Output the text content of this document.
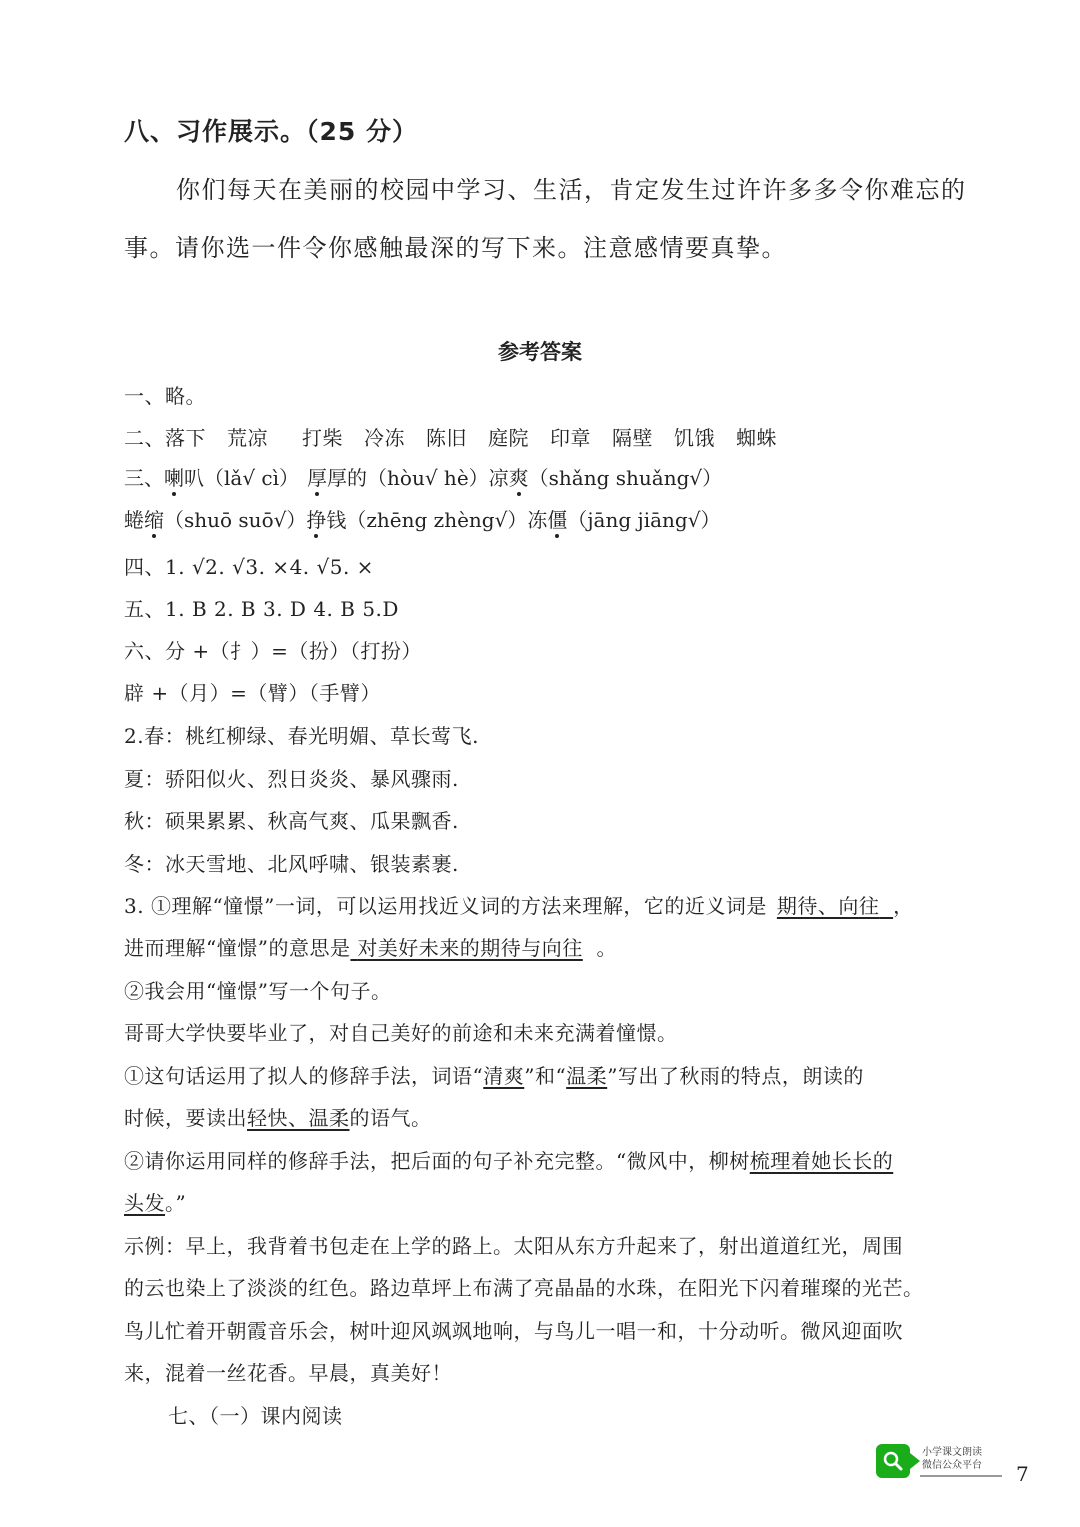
八、习作展示。（25 分）
你们每天在美丽的校园中学习、生活，肯定发生过许许多多令你难忘的
事。请你选一件令你感触最深的写下来。注意感情要真挚。
参考答案
一、略。
二、落下 荒凉 打柴 冷冻 陈旧 庭院 印章 隔壁 饥饿 蜘蛛
三、喇叭（lǎ√ cì） 厚厚的（hòu√ hè）凉爽（shǎng shuǎng√）
蜷缩（shuō suō√）挣钱（zhēng zhèng√）冻僵（jāng jiāng√）
四、1. √2. √3. ×4. √5. ×
五、1. B 2. B 3. D 4. B 5.D
六、分 +（扌）=（扮）（打扮）
辟 +（月）=（臂）（手臂）
2.春：桃红柳绿、春光明媚、草长莺飞.
夏：骄阳似火、烈日炎炎、暴风骤雨.
秋：硕果累累、秋高气爽、瓜果飘香.
冬：冰天雪地、北风呼啸、银装素裹.
3. ①理解“憧憬”一词，可以运用找近义词的方法来理解，它的近义词是 期待、向往 ，
进而理解“憧憬”的意思是 对美好未来的期待与向往 。
②我会用“憧憬”写一个句子。
哥哥大学快要毕业了，对自己美好的前途和未来充满着憧憬。
①这句话运用了拟人的修辞手法，词语“清爽”和“温柔”写出了秋雨的特点，朗读的
时候，要读出轻快、温柔的语气。
②请你运用同样的修辞手法，把后面的句子补充完整。“微风中，柳树梳理着她长长的
头发。”
示例：早上，我背着书包走在上学的路上。太阳从东方升起来了，射出道道红光，周围
的云也染上了淡淡的红色。路边草坪上布满了亮晶晶的水珠，在阳光下闪着璀璨的光芒。
鸟儿忙着开朝霞音乐会，树叶迎风飒飒地响，与鸟儿一唱一和，十分动听。微风迎面吹
来，混着一丝花香。早晨，真美好！
七、（一）课内阅读
小学课文朗读
微信公众平台 7
